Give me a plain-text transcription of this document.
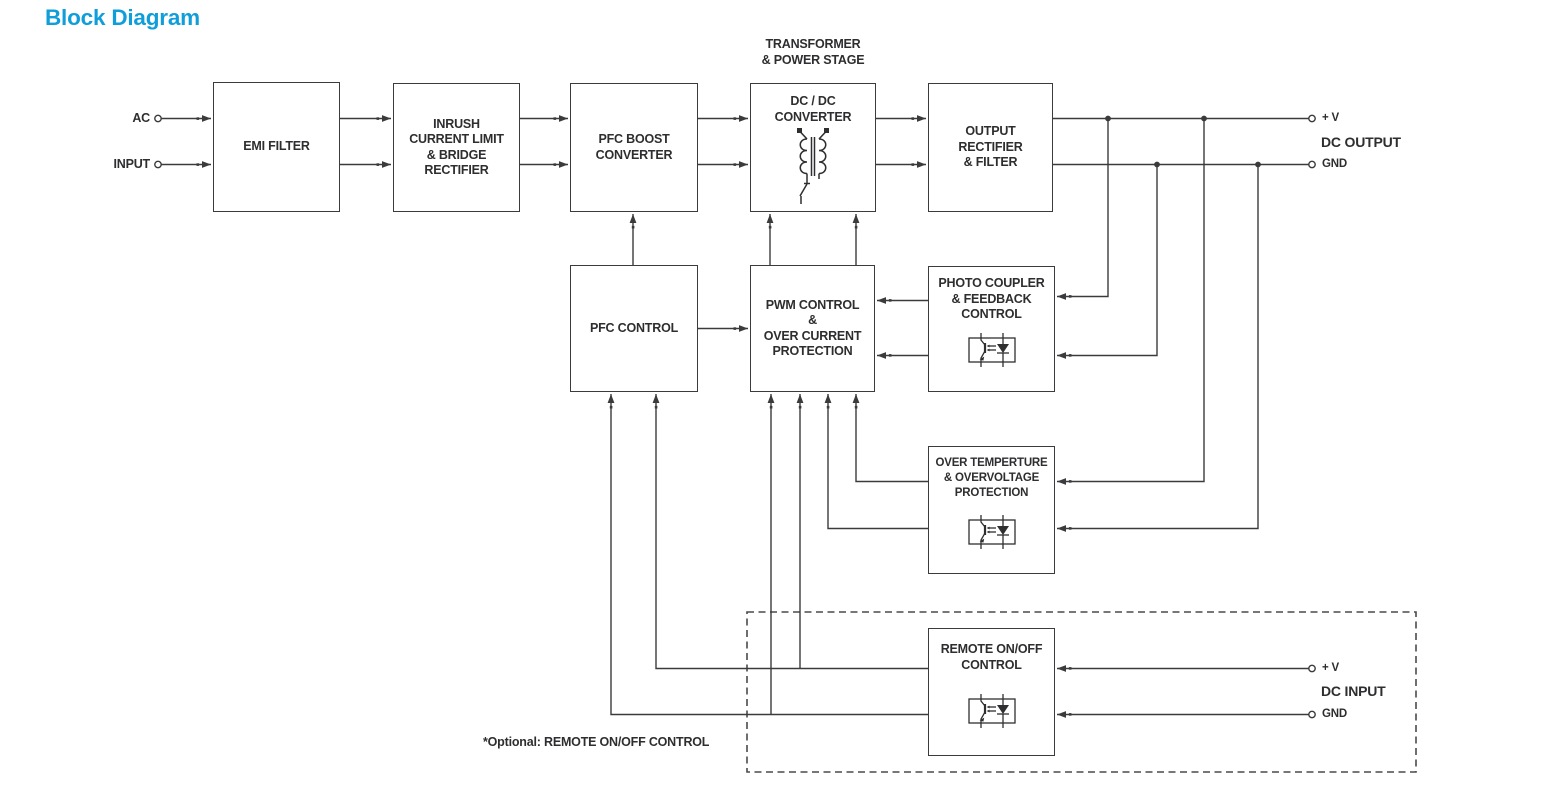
Block Diagram
TRANSFORMER
& POWER STAGE
AC
INPUT
EMI FILTER
INRUSH
CURRENT LIMIT
& BRIDGE
RECTIFIER
PFC BOOST
CONVERTER
DC / DC
CONVERTER
OUTPUT
RECTIFIER
& FILTER
PFC CONTROL
PWM CONTROL
&
OVER CURRENT
PROTECTION
PHOTO COUPLER
& FEEDBACK
CONTROL
OVER TEMPERTURE
& OVERVOLTAGE
PROTECTION
REMOTE ON/OFF
CONTROL
+ V
DC OUTPUT
GND
+ V
DC INPUT
GND
*Optional: REMOTE ON/OFF CONTROL
